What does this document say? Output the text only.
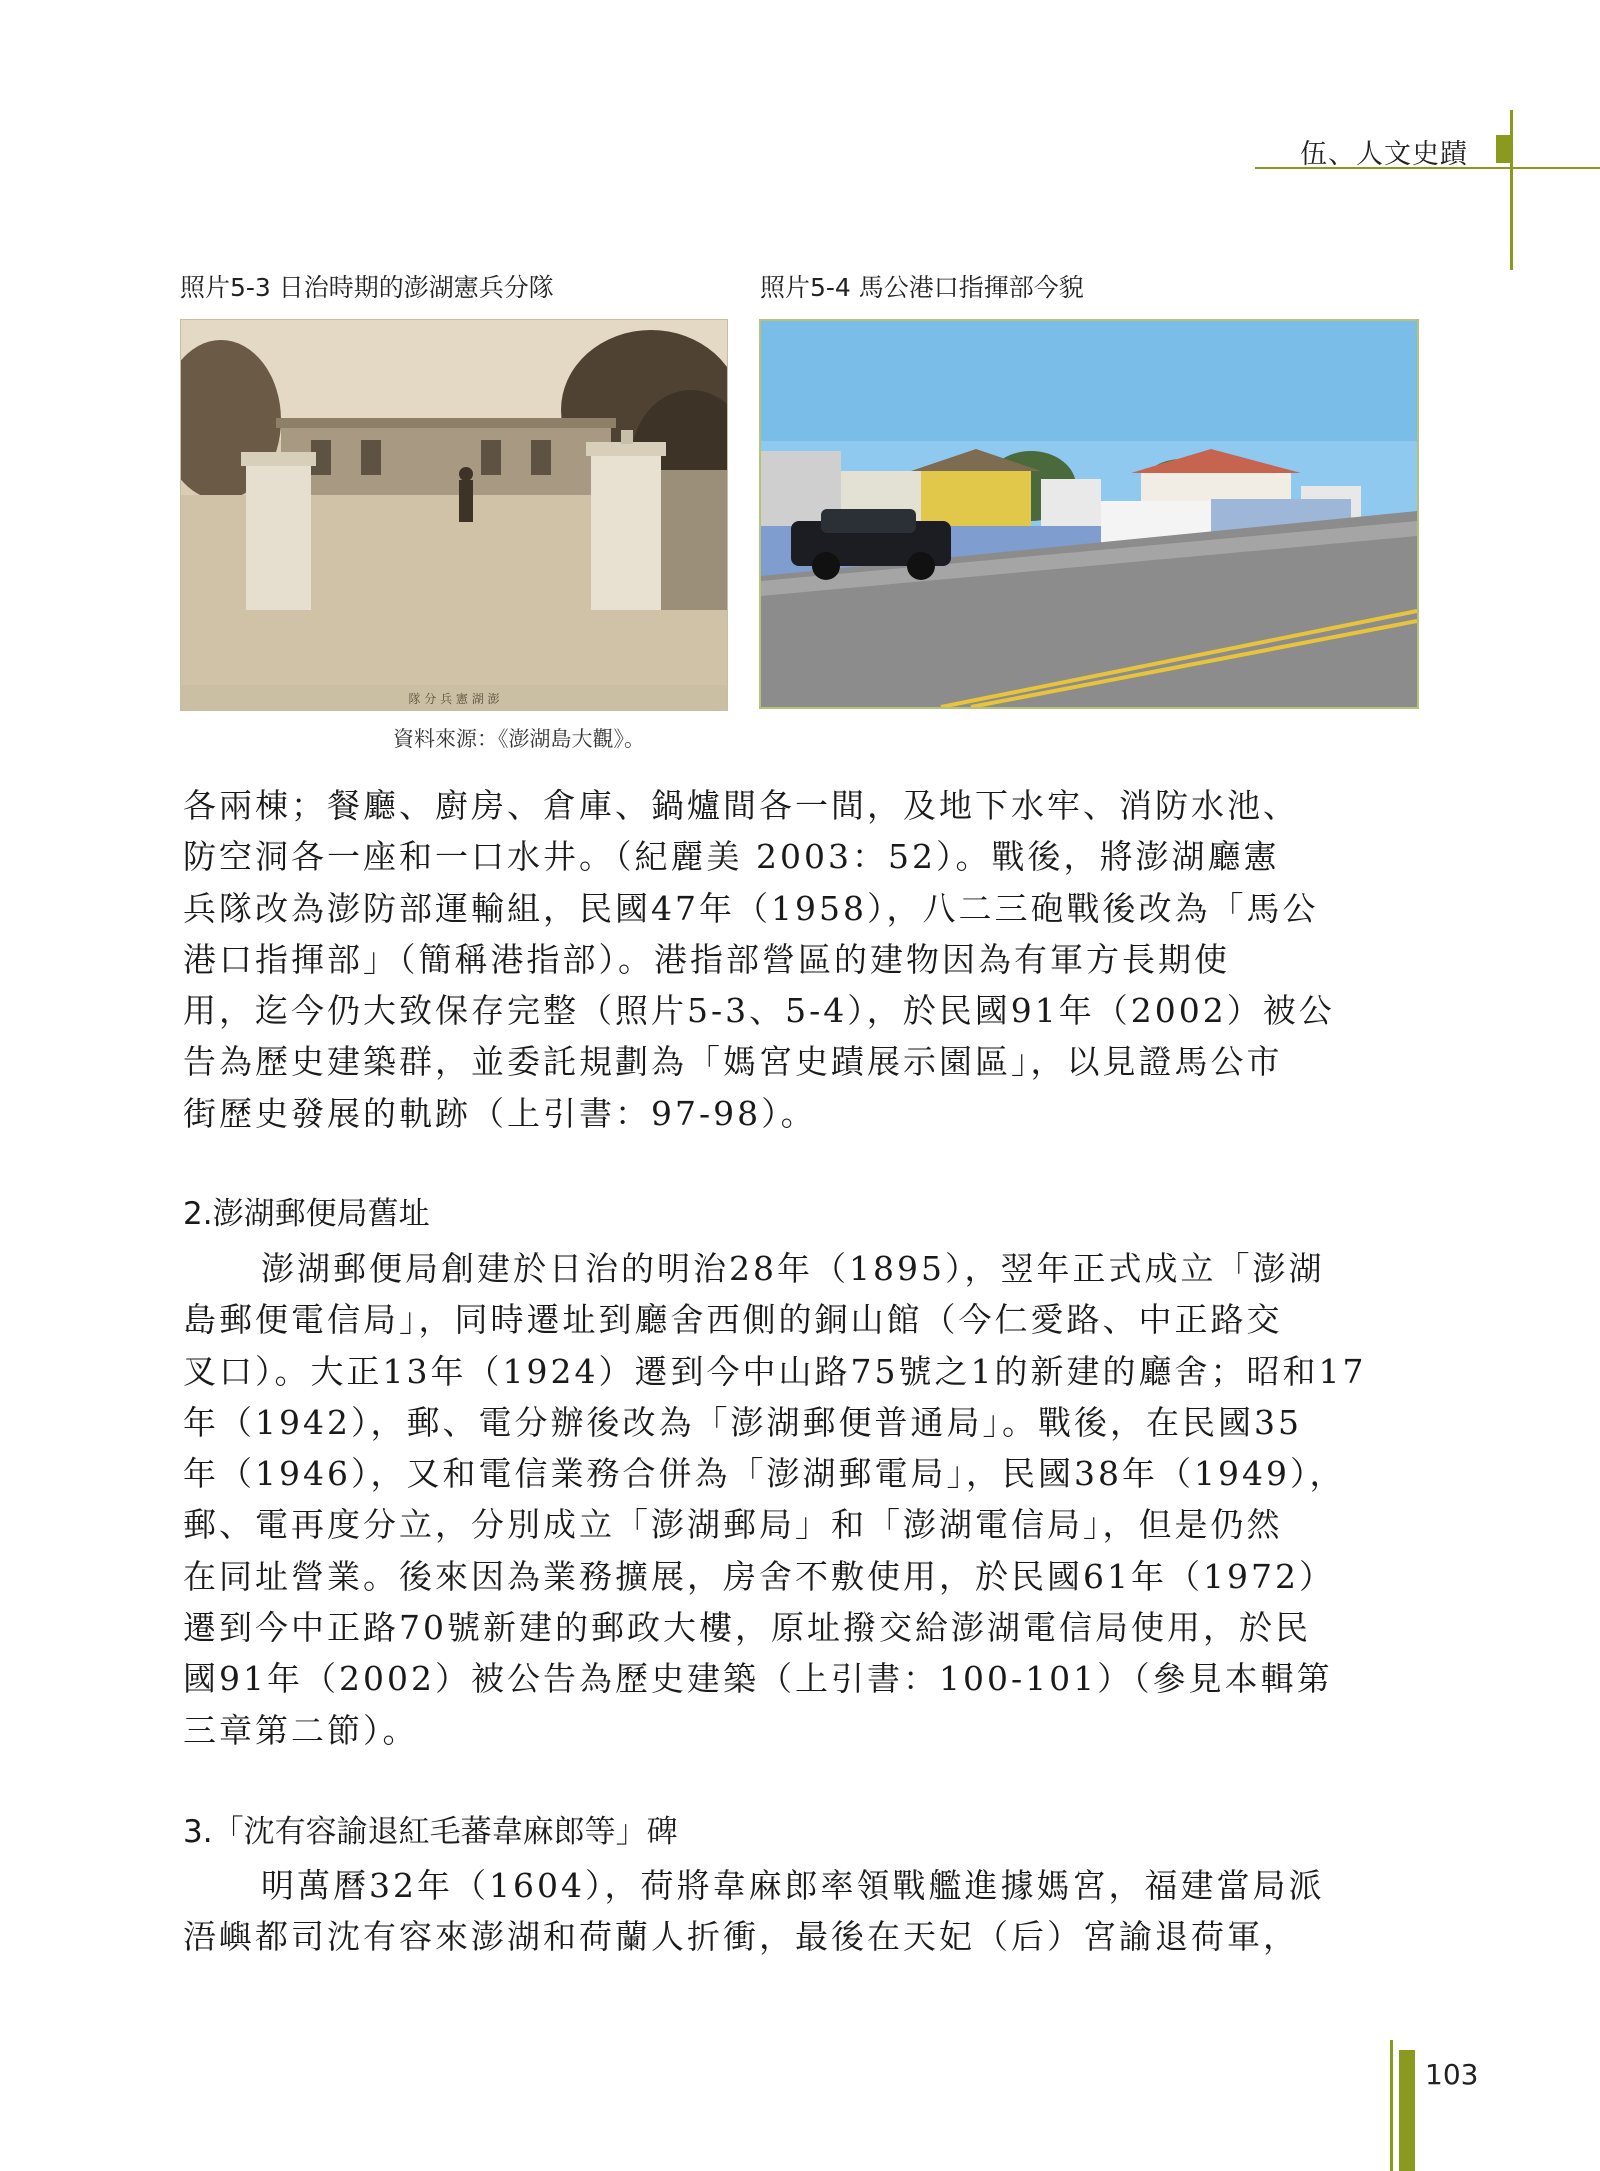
伍、人文史蹟
照片5-3 日治時期的澎湖憲兵分隊	照片5-4 馬公港口指揮部今貌
隊 分 兵 憲 湖 澎
資料來源：《澎湖島大觀》。
各兩棟；餐廳、廚房、倉庫、鍋爐間各一間，及地下水牢、消防水池、
防空洞各一座和一口水井。（紀麗美 2003：52）。戰後，將澎湖廳憲
兵隊改為澎防部運輸組，民國47年（1958），八二三砲戰後改為「馬公
港口指揮部」（簡稱港指部）。港指部營區的建物因為有軍方長期使
用，迄今仍大致保存完整（照片5-3、5-4），於民國91年（2002）被公
告為歷史建築群，並委託規劃為「媽宮史蹟展示園區」，以見證馬公市
街歷史發展的軌跡（上引書：97-98）。
2.澎湖郵便局舊址
澎湖郵便局創建於日治的明治28年（1895），翌年正式成立「澎湖
島郵便電信局」，同時遷址到廳舍西側的銅山館（今仁愛路、中正路交
叉口）。大正13年（1924）遷到今中山路75號之1的新建的廳舍；昭和17
年（1942），郵、電分辦後改為「澎湖郵便普通局」。戰後，在民國35
年（1946），又和電信業務合併為「澎湖郵電局」，民國38年（1949），
郵、電再度分立，分別成立「澎湖郵局」和「澎湖電信局」，但是仍然
在同址營業。後來因為業務擴展，房舍不敷使用，於民國61年（1972）
遷到今中正路70號新建的郵政大樓，原址撥交給澎湖電信局使用，於民
國91年（2002）被公告為歷史建築（上引書：100-101）（參見本輯第
三章第二節）。
3.「沈有容諭退紅毛蕃韋麻郎等」碑
明萬曆32年（1604），荷將韋麻郎率領戰艦進據媽宮，福建當局派
浯嶼都司沈有容來澎湖和荷蘭人折衝，最後在天妃（后）宮諭退荷軍，
103
